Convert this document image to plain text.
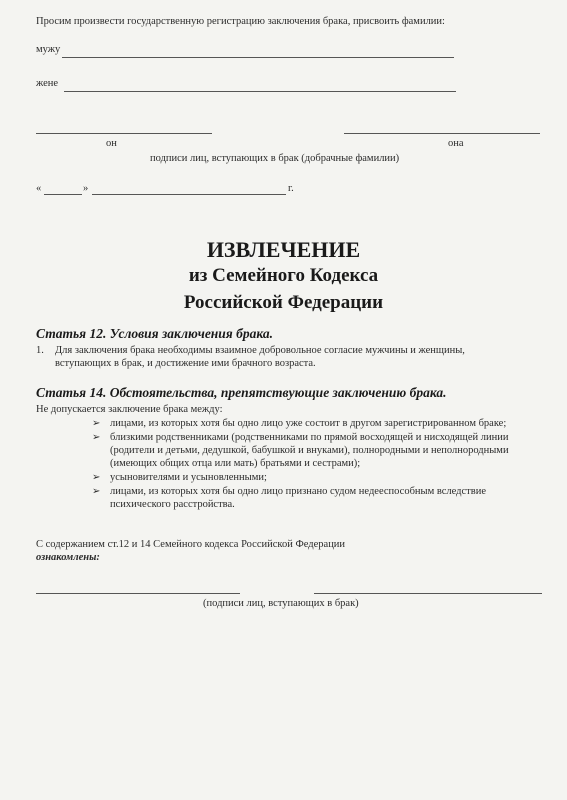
Просим произвести государственную регистрацию заключения брака, присвоить фамилии:
мужу
жене
он	она
подписи лиц, вступающих в брак (добрачные фамилии)
«	»	г.
ИЗВЛЕЧЕНИЕ
из Семейного Кодекса
Российской Федерации
Статья 12. Условия заключения брака.
1. Для заключения брака необходимы взаимное добровольное согласие мужчины и женщины,
вступающих в брак, и достижение ими брачного возраста.
Статья 14. Обстоятельства, препятствующие заключению брака.
Не допускается заключение брака между:
➢ лицами, из которых хотя бы одно лицо уже состоит в другом зарегистрированном браке;
➢ близкими родственниками (родственниками по прямой восходящей и нисходящей линии (родители и детьми, дедушкой, бабушкой и внуками), полнородными и неполнородными (имеющих общих отца или мать) братьями и сестрами);
➢ усыновителями и усыновленными;
➢ лицами, из которых хотя бы одно лицо признано судом недееспособным вследствие психического расстройства.
С содержанием ст.12 и 14 Семейного кодекса Российской Федерации
ознакомлены:
(подписи лиц, вступающих в брак)
